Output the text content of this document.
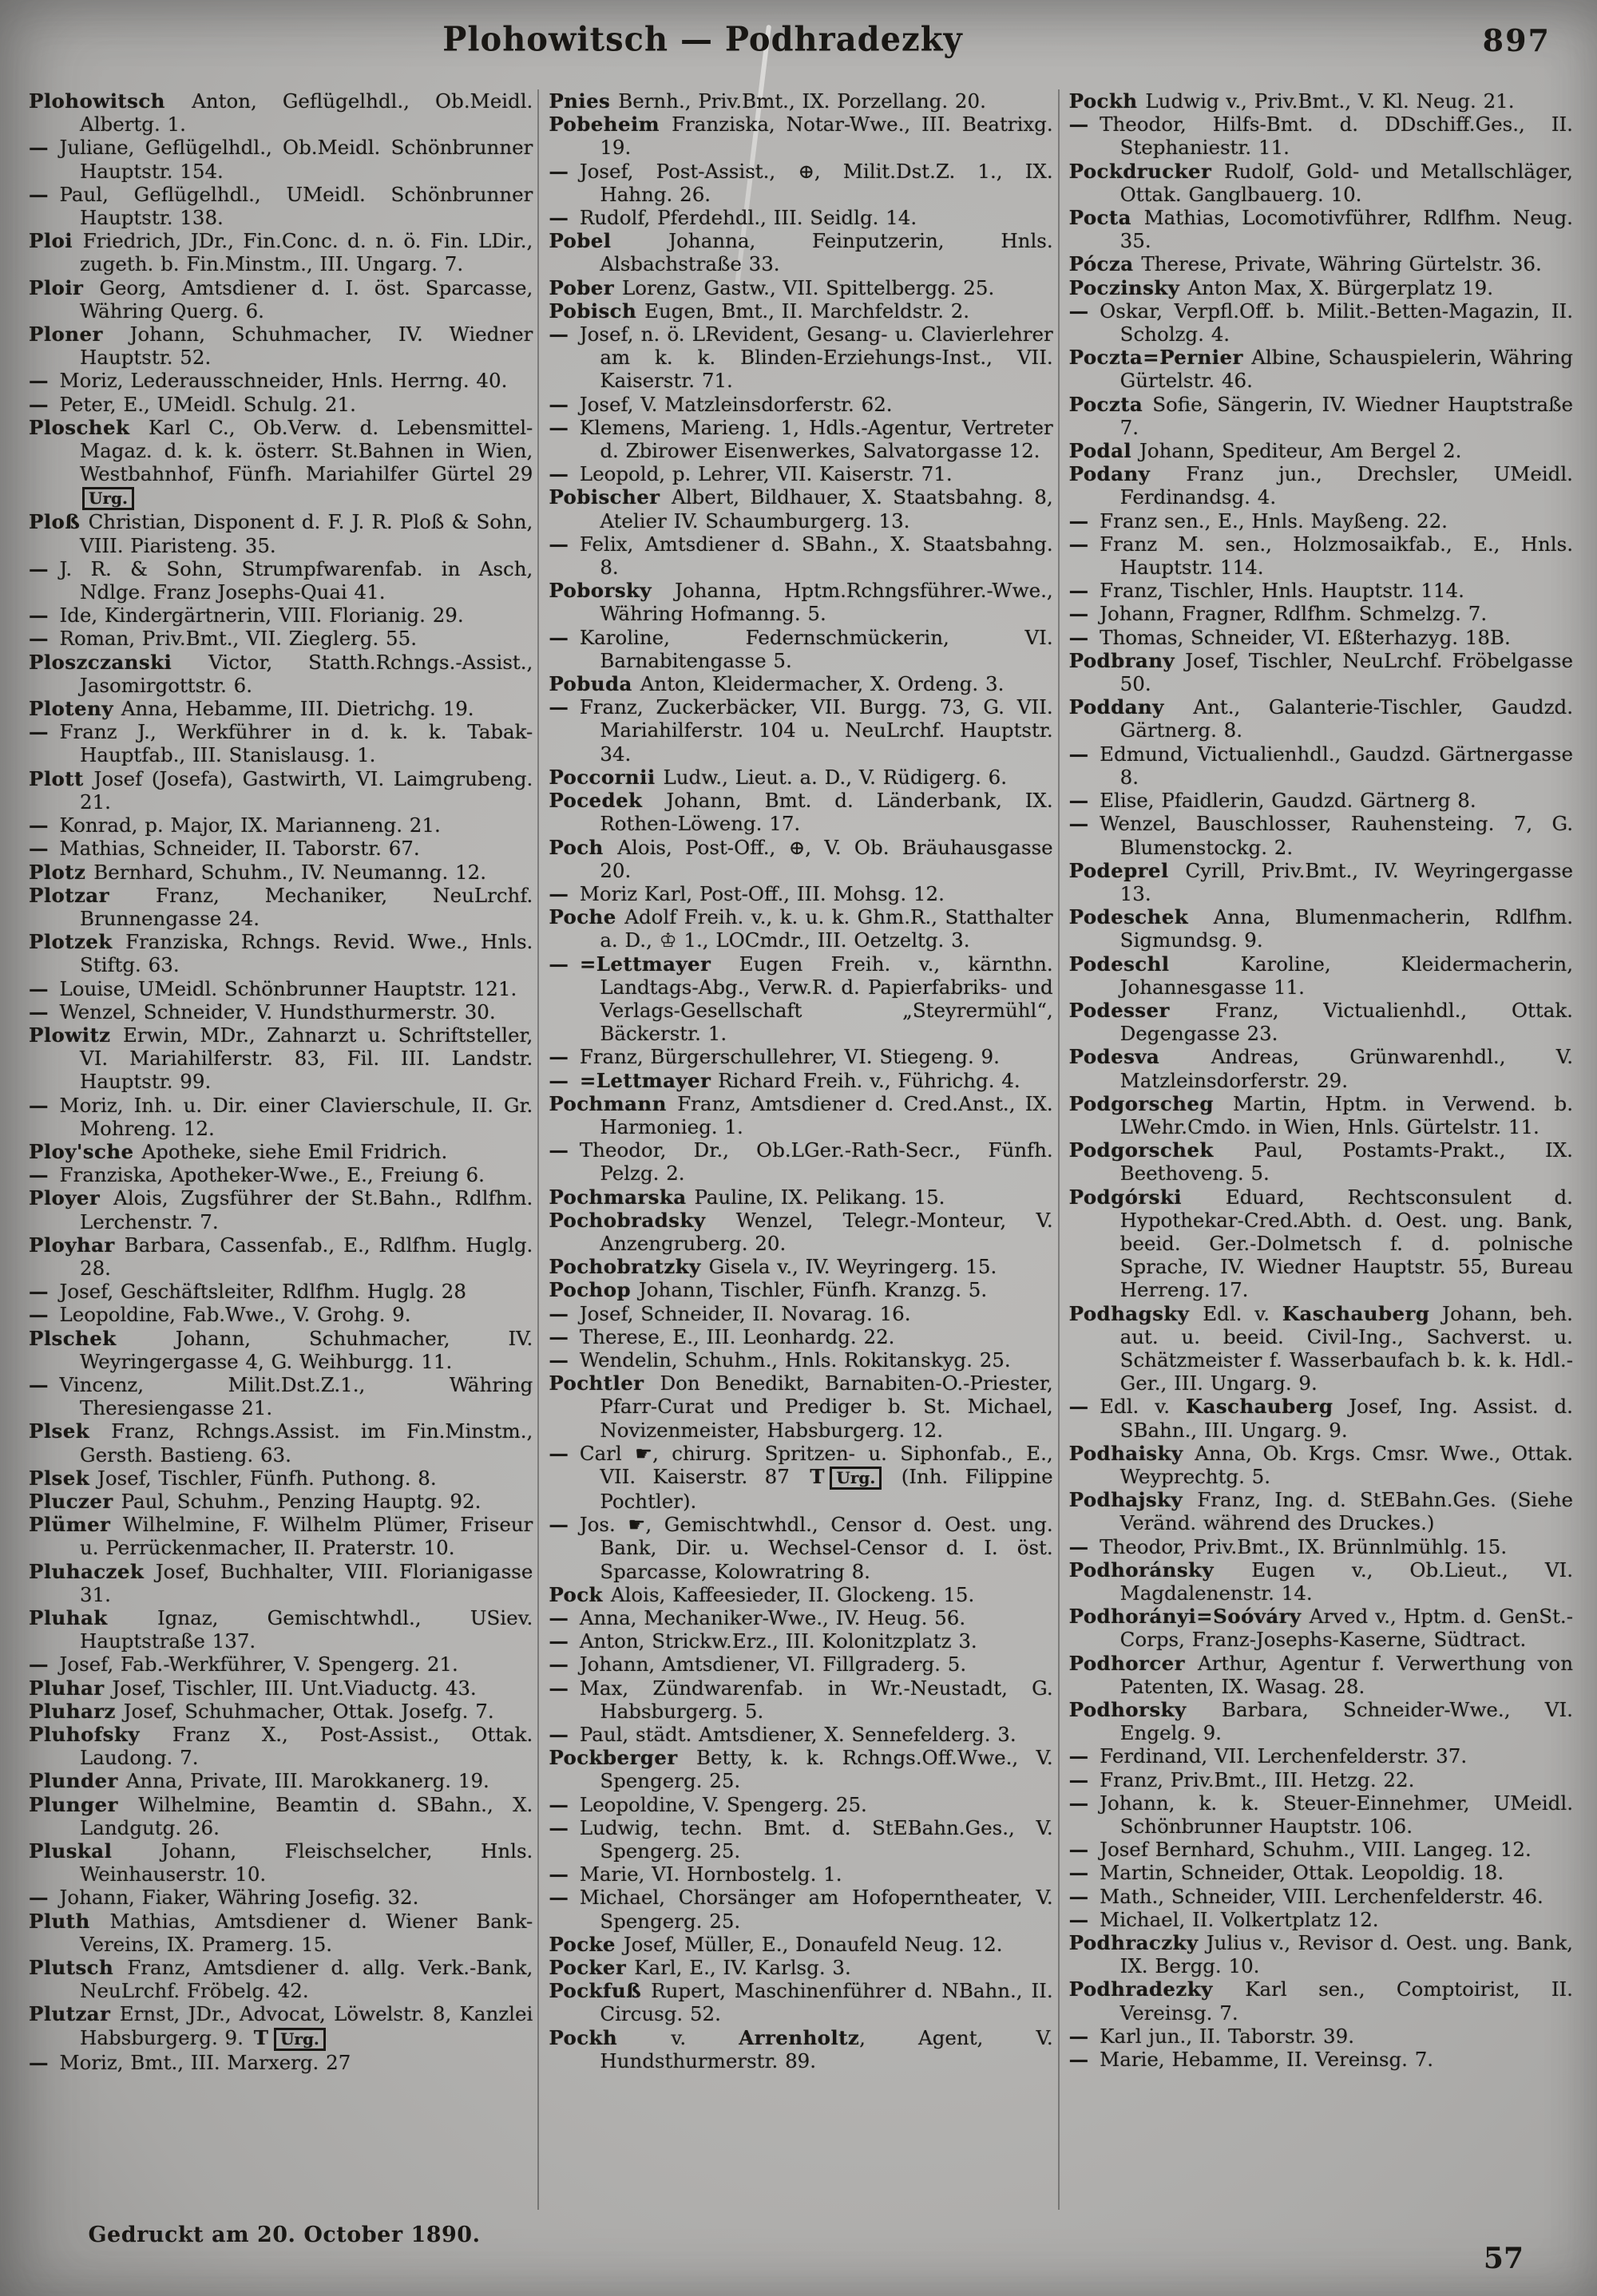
Plohowitsch — Podhradezky	897

Plohowitsch Anton, Geflügelhdl., Ob.Meidl. Albertg. 1.

— Juliane, Geflügelhdl., Ob.Meidl. Schönbrunner Hauptstr. 154.

— Paul, Geflügelhdl., UMeidl. Schönbrunner Hauptstr. 138.

Ploi Friedrich, JDr., Fin.Conc. d. n. ö. Fin. LDir., zugeth. b. Fin.Minstm., III. Ungarg. 7.

Ploir Georg, Amtsdiener d. I. öst. Sparcasse, Währing Querg. 6.

Ploner Johann, Schuhmacher, IV. Wiedner Hauptstr. 52.

— Moriz, Lederausschneider, Hnls. Herrng. 40.

— Peter, E., UMeidl. Schulg. 21.

Ploschek Karl C., Ob.Verw. d. Lebensmittel-Magaz. d. k. k. österr. St.Bahnen in Wien, Westbahnhof, Fünfh. Mariahilfer Gürtel 29 Urg.

Ploß Christian, Disponent d. F. J. R. Ploß & Sohn, VIII. Piaristeng. 35.

— J. R. & Sohn, Strumpfwarenfab. in Asch, Ndlge. Franz Josephs-Quai 41.

— Ide, Kindergärtnerin, VIII. Florianig. 29.

— Roman, Priv.Bmt., VII. Zieglerg. 55.

Ploszczanski Victor, Statth.Rchngs.-Assist., Jasomirgottstr. 6.

Ploteny Anna, Hebamme, III. Dietrichg. 19.

— Franz J., Werkführer in d. k. k. Tabak-Hauptfab., III. Stanislausg. 1.

Plott Josef (Josefa), Gastwirth, VI. Laimgrubeng. 21.

— Konrad, p. Major, IX. Marianneng. 21.

— Mathias, Schneider, II. Taborstr. 67.

Plotz Bernhard, Schuhm., IV. Neumanng. 12.

Plotzar Franz, Mechaniker, NeuLrchf. Brunnengasse 24.

Plotzek Franziska, Rchngs. Revid. Wwe., Hnls. Stiftg. 63.

— Louise, UMeidl. Schönbrunner Hauptstr. 121.

— Wenzel, Schneider, V. Hundsthurmerstr. 30.

Plowitz Erwin, MDr., Zahnarzt u. Schriftsteller, VI. Mariahilferstr. 83, Fil. III. Landstr. Hauptstr. 99.

— Moriz, Inh. u. Dir. einer Clavierschule, II. Gr. Mohreng. 12.

Ploy'sche Apotheke, siehe Emil Fridrich.

— Franziska, Apotheker-Wwe., E., Freiung 6.

Ployer Alois, Zugsführer der St.Bahn., Rdlfhm. Lerchenstr. 7.

Ployhar Barbara, Cassenfab., E., Rdlfhm. Huglg. 28.

— Josef, Geschäftsleiter, Rdlfhm. Huglg. 28

— Leopoldine, Fab.Wwe., V. Grohg. 9.

Plschek Johann, Schuhmacher, IV. Weyringergasse 4, G. Weihburgg. 11.

— Vincenz, Milit.Dst.Z.1., Währing Theresiengasse 21.

Plsek Franz, Rchngs.Assist. im Fin.Minstm., Gersth. Bastieng. 63.

Plsek Josef, Tischler, Fünfh. Puthong. 8.

Pluczer Paul, Schuhm., Penzing Hauptg. 92.

Plümer Wilhelmine, F. Wilhelm Plümer, Friseur u. Perrückenmacher, II. Praterstr. 10.

Pluhaczek Josef, Buchhalter, VIII. Florianigasse 31.

Pluhak Ignaz, Gemischtwhdl., USiev. Hauptstraße 137.

— Josef, Fab.-Werkführer, V. Spengerg. 21.

Pluhar Josef, Tischler, III. Unt.Viaductg. 43.

Pluharz Josef, Schuhmacher, Ottak. Josefg. 7.

Pluhofsky Franz X., Post-Assist., Ottak. Laudong. 7.

Plunder Anna, Private, III. Marokkanerg. 19.

Plunger Wilhelmine, Beamtin d. SBahn., X. Landgutg. 26.

Pluskal Johann, Fleischselcher, Hnls. Weinhauserstr. 10.

— Johann, Fiaker, Währing Josefig. 32.

Pluth Mathias, Amtsdiener d. Wiener Bank-Vereins, IX. Pramerg. 15.

Plutsch Franz, Amtsdiener d. allg. Verk.-Bank, NeuLrchf. Fröbelg. 42.

Plutzar Ernst, JDr., Advocat, Löwelstr. 8, Kanzlei Habsburgerg. 9. T Urg.

— Moriz, Bmt., III. Marxerg. 27

Pnies Bernh., Priv.Bmt., IX. Porzellang. 20.

Pobeheim Franziska, Notar-Wwe., III. Beatrixg. 19.

— Josef, Post-Assist., ⊕, Milit.Dst.Z. 1., IX. Hahng. 26.

— Rudolf, Pferdehdl., III. Seidlg. 14.

Pobel Johanna, Feinputzerin, Hnls. Alsbachstraße 33.

Pober Lorenz, Gastw., VII. Spittelbergg. 25.

Pobisch Eugen, Bmt., II. Marchfeldstr. 2.

— Josef, n. ö. LRevident, Gesang- u. Clavierlehrer am k. k. Blinden-Erziehungs-Inst., VII. Kaiserstr. 71.

— Josef, V. Matzleinsdorferstr. 62.

— Klemens, Marieng. 1, Hdls.-Agentur, Vertreter d. Zbirower Eisenwerkes, Salvatorgasse 12.

— Leopold, p. Lehrer, VII. Kaiserstr. 71.

Pobischer Albert, Bildhauer, X. Staatsbahng. 8, Atelier IV. Schaumburgerg. 13.

— Felix, Amtsdiener d. SBahn., X. Staatsbahng. 8.

Poborsky Johanna, Hptm.Rchngsführer.-Wwe., Währing Hofmanng. 5.

— Karoline, Federnschmückerin, VI. Barnabitengasse 5.

Pobuda Anton, Kleidermacher, X. Ordeng. 3.

— Franz, Zuckerbäcker, VII. Burgg. 73, G. VII. Mariahilferstr. 104 u. NeuLrchf. Hauptstr. 34.

Poccornii Ludw., Lieut. a. D., V. Rüdigerg. 6.

Pocedek Johann, Bmt. d. Länderbank, IX. Rothen-Löweng. 17.

Poch Alois, Post-Off., ⊕, V. Ob. Bräuhausgasse 20.

— Moriz Karl, Post-Off., III. Mohsg. 12.

Poche Adolf Freih. v., k. u. k. Ghm.R., Statthalter a. D., ♔ 1., LOCmdr., III. Oetzeltg. 3.

— =Lettmayer Eugen Freih. v., kärnthn. Landtags-Abg., Verw.R. d. Papierfabriks- und Verlags-Gesellschaft „Steyrermühl“, Bäckerstr. 1.

— Franz, Bürgerschullehrer, VI. Stiegeng. 9.

— =Lettmayer Richard Freih. v., Führichg. 4.

Pochmann Franz, Amtsdiener d. Cred.Anst., IX. Harmonieg. 1.

— Theodor, Dr., Ob.LGer.-Rath-Secr., Fünfh. Pelzg. 2.

Pochmarska Pauline, IX. Pelikang. 15.

Pochobradsky Wenzel, Telegr.-Monteur, V. Anzengruberg. 20.

Pochobratzky Gisela v., IV. Weyringerg. 15.

Pochop Johann, Tischler, Fünfh. Kranzg. 5.

— Josef, Schneider, II. Novarag. 16.

— Therese, E., III. Leonhardg. 22.

— Wendelin, Schuhm., Hnls. Rokitanskyg. 25.

Pochtler Don Benedikt, Barnabiten-O.-Priester, Pfarr-Curat und Prediger b. St. Michael, Novizenmeister, Habsburgerg. 12.

— Carl ☛, chirurg. Spritzen- u. Siphonfab., E., VII. Kaiserstr. 87 T Urg. (Inh. Filippine Pochtler).

— Jos. ☛, Gemischtwhdl., Censor d. Oest. ung. Bank, Dir. u. Wechsel-Censor d. I. öst. Sparcasse, Kolowratring 8.

Pock Alois, Kaffeesieder, II. Glockeng. 15.

— Anna, Mechaniker-Wwe., IV. Heug. 56.

— Anton, Strickw.Erz., III. Kolonitzplatz 3.

— Johann, Amtsdiener, VI. Fillgraderg. 5.

— Max, Zündwarenfab. in Wr.-Neustadt, G. Habsburgerg. 5.

— Paul, städt. Amtsdiener, X. Sennefelderg. 3.

Pockberger Betty, k. k. Rchngs.Off.Wwe., V. Spengerg. 25.

— Leopoldine, V. Spengerg. 25.

— Ludwig, techn. Bmt. d. StEBahn.Ges., V. Spengerg. 25.

— Marie, VI. Hornbostelg. 1.

— Michael, Chorsänger am Hofoperntheater, V. Spengerg. 25.

Pocke Josef, Müller, E., Donaufeld Neug. 12.

Pocker Karl, E., IV. Karlsg. 3.

Pockfuß Rupert, Maschinenführer d. NBahn., II. Circusg. 52.

Pockh v. Arrenholtz, Agent, V. Hundsthurmerstr. 89.

Pockh Ludwig v., Priv.Bmt., V. Kl. Neug. 21.

— Theodor, Hilfs-Bmt. d. DDschiff.Ges., II. Stephaniestr. 11.

Pockdrucker Rudolf, Gold- und Metallschläger, Ottak. Ganglbauerg. 10.

Pocta Mathias, Locomotivführer, Rdlfhm. Neug. 35.

Pócza Therese, Private, Währing Gürtelstr. 36.

Poczinsky Anton Max, X. Bürgerplatz 19.

— Oskar, Verpfl.Off. b. Milit.-Betten-Magazin, II. Scholzg. 4.

Poczta=Pernier Albine, Schauspielerin, Währing Gürtelstr. 46.

Poczta Sofie, Sängerin, IV. Wiedner Hauptstraße 7.

Podal Johann, Spediteur, Am Bergel 2.

Podany Franz jun., Drechsler, UMeidl. Ferdinandsg. 4.

— Franz sen., E., Hnls. Mayßeng. 22.

— Franz M. sen., Holzmosaikfab., E., Hnls. Hauptstr. 114.

— Franz, Tischler, Hnls. Hauptstr. 114.

— Johann, Fragner, Rdlfhm. Schmelzg. 7.

— Thomas, Schneider, VI. Eßterhazyg. 18B.

Podbrany Josef, Tischler, NeuLrchf. Fröbelgasse 50.

Poddany Ant., Galanterie-Tischler, Gaudzd. Gärtnerg. 8.

— Edmund, Victualienhdl., Gaudzd. Gärtnergasse 8.

— Elise, Pfaidlerin, Gaudzd. Gärtnerg 8.

— Wenzel, Bauschlosser, Rauhensteing. 7, G. Blumenstockg. 2.

Podeprel Cyrill, Priv.Bmt., IV. Weyringergasse 13.

Podeschek Anna, Blumenmacherin, Rdlfhm. Sigmundsg. 9.

Podeschl Karoline, Kleidermacherin, Johannesgasse 11.

Podesser Franz, Victualienhdl., Ottak. Degengasse 23.

Podesva Andreas, Grünwarenhdl., V. Matzleinsdorferstr. 29.

Podgorscheg Martin, Hptm. in Verwend. b. LWehr.Cmdo. in Wien, Hnls. Gürtelstr. 11.

Podgorschek Paul, Postamts-Prakt., IX. Beethoveng. 5.

Podgórski Eduard, Rechtsconsulent d. Hypothekar-Cred.Abth. d. Oest. ung. Bank, beeid. Ger.-Dolmetsch f. d. polnische Sprache, IV. Wiedner Hauptstr. 55, Bureau Herreng. 17.

Podhagsky Edl. v. Kaschauberg Johann, beh. aut. u. beeid. Civil-Ing., Sachverst. u. Schätzmeister f. Wasserbaufach b. k. k. Hdl.-Ger., III. Ungarg. 9.

— Edl. v. Kaschauberg Josef, Ing. Assist. d. SBahn., III. Ungarg. 9.

Podhaisky Anna, Ob. Krgs. Cmsr. Wwe., Ottak. Weyprechtg. 5.

Podhajsky Franz, Ing. d. StEBahn.Ges. (Siehe Veränd. während des Druckes.)

— Theodor, Priv.Bmt., IX. Brünnlmühlg. 15.

Podhoránsky Eugen v., Ob.Lieut., VI. Magdalenenstr. 14.

Podhorányi=Soóváry Arved v., Hptm. d. GenSt.-Corps, Franz-Josephs-Kaserne, Südtract.

Podhorcer Arthur, Agentur f. Verwerthung von Patenten, IX. Wasag. 28.

Podhorsky Barbara, Schneider-Wwe., VI. Engelg. 9.

— Ferdinand, VII. Lerchenfelderstr. 37.

— Franz, Priv.Bmt., III. Hetzg. 22.

— Johann, k. k. Steuer-Einnehmer, UMeidl. Schönbrunner Hauptstr. 106.

— Josef Bernhard, Schuhm., VIII. Langeg. 12.

— Martin, Schneider, Ottak. Leopoldig. 18.

— Math., Schneider, VIII. Lerchenfelderstr. 46.

— Michael, II. Volkertplatz 12.

Podhraczky Julius v., Revisor d. Oest. ung. Bank, IX. Bergg. 10.

Podhradezky Karl sen., Comptoirist, II. Vereinsg. 7.

— Karl jun., II. Taborstr. 39.

— Marie, Hebamme, II. Vereinsg. 7.

Gedruckt am 20. October 1890.
57
